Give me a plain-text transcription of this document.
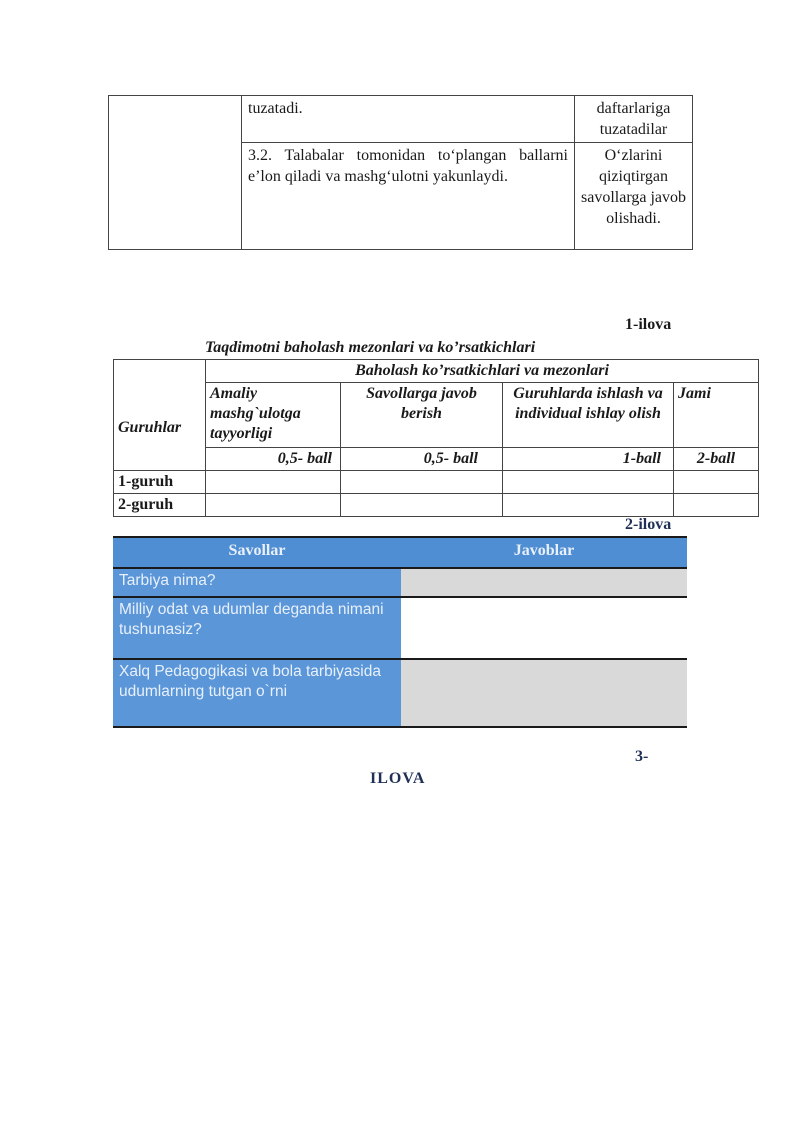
	tuzatadi.	daftarlariga tuzatadilar
	3.2. Talabalar tomonidan to‘plangan ballarni e’lon qiladi va mashg‘ulotni yakunlaydi.	O‘zlarini qiziqtirgan savollarga javob olishadi.
1-ilova
Taqdimotni baholash mezonlari va ko’rsatkichlari
Guruhlar	Baholash ko’rsatkichlari va mezonlari			
	Amaliy mashg`ulotga tayyorligi	Savollarga javob berish	Guruhlarda ishlash va individual ishlay olish	Jami
	0,5- ball	0,5- ball	1-ball	2-ball
1-guruh				
2-guruh				
2-ilova
Savollar	Javoblar
Tarbiya nima?	
Milliy odat va udumlar deganda nimani tushunasiz?	
Xalq Pedagogikasi va bola tarbiyasida udumlarning tutgan o`rni	
3-
ILOVA
